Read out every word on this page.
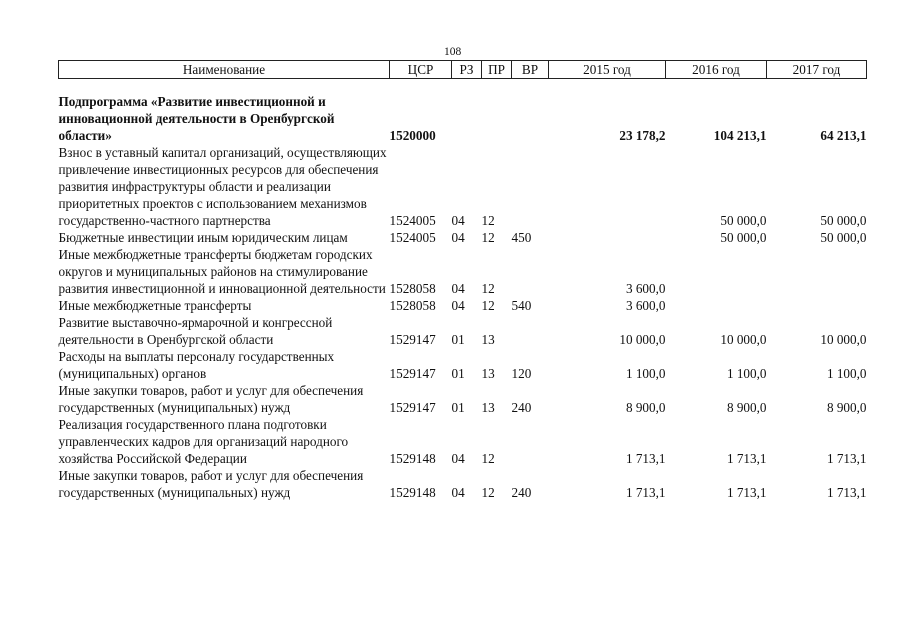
108
Наименование	ЦСР	РЗ	ПР	ВР	2015 год	2016 год	2017 год

Подпрограмма «Развитие инвестиционной и инновационной деятельности в Оренбургской области»	1520000				23 178,2	104 213,1	64 213,1
Взнос в уставный капитал организаций, осуществляющих привлечение инвестиционных ресурсов для обеспечения развития инфраструктуры области и реализации приоритетных проектов с использованием механизмов государственно-частного партнерства	1524005	04	12			50 000,0	50 000,0
Бюджетные инвестиции иным юридическим лицам	1524005	04	12	450		50 000,0	50 000,0
Иные межбюджетные трансферты бюджетам городских округов и муниципальных районов на стимулирование развития инвестиционной и инновационной деятельности	1528058	04	12		3 600,0		
Иные межбюджетные трансферты	1528058	04	12	540	3 600,0		
Развитие выставочно-ярмарочной и конгрессной деятельности в Оренбургской области	1529147	01	13		10 000,0	10 000,0	10 000,0
Расходы на выплаты персоналу государственных (муниципальных) органов	1529147	01	13	120	1 100,0	1 100,0	1 100,0
Иные закупки товаров, работ и услуг для обеспечения государственных (муниципальных) нужд	1529147	01	13	240	8 900,0	8 900,0	8 900,0
Реализация государственного плана подготовки управленческих кадров для организаций народного хозяйства Российской Федерации	1529148	04	12		1 713,1	1 713,1	1 713,1
Иные закупки товаров, работ и услуг для обеспечения государственных (муниципальных) нужд	1529148	04	12	240	1 713,1	1 713,1	1 713,1
